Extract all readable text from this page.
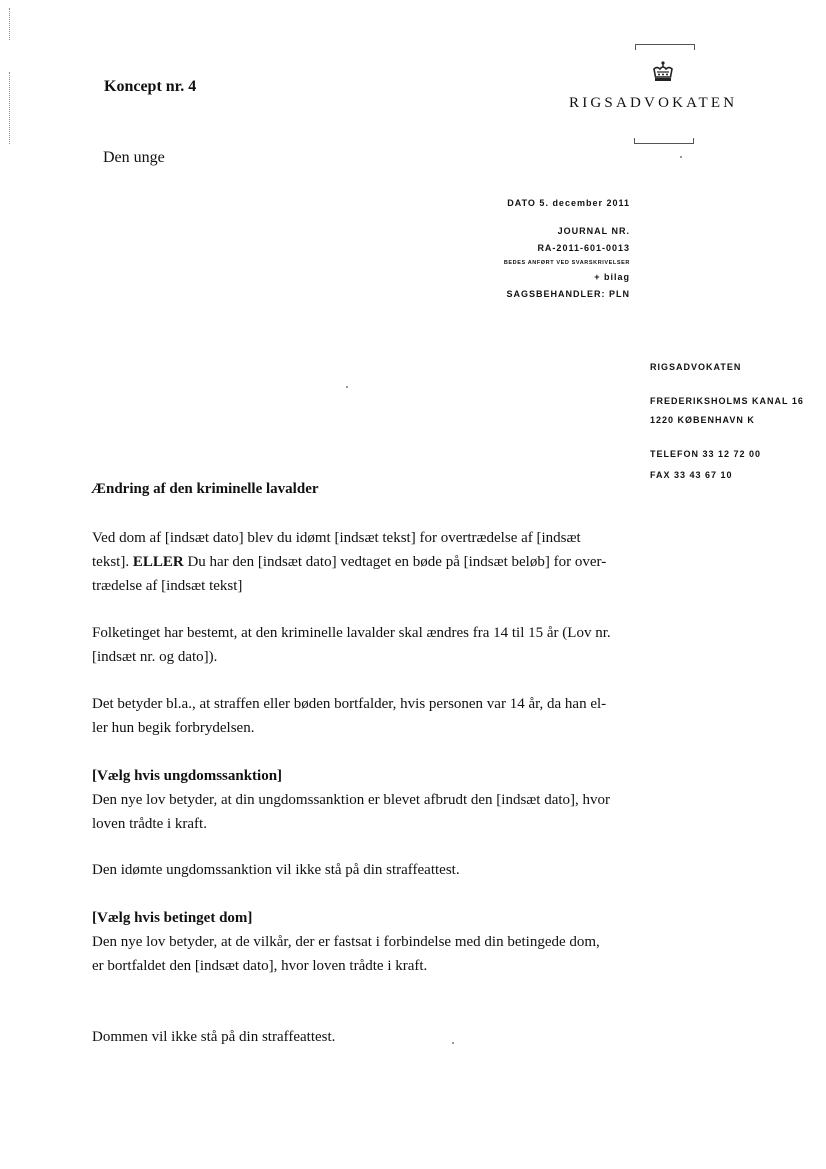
Koncept nr. 4
Den unge
RIGSADVOKATEN
DATO 5. december 2011
JOURNAL NR.
RA-2011-601-0013
BEDES ANFØRT VED SVARSKRIVELSER
+ bilag
SAGSBEHANDLER: PLN
RIGSADVOKATEN
FREDERIKSHOLMS KANAL 16
1220 KØBENHAVN K
TELEFON 33 12 72 00
FAX 33 43 67 10
Ændring af den kriminelle lavalder

Ved dom af [indsæt dato] blev du idømt [indsæt tekst] for overtrædelse af [indsæt
tekst]. ELLER Du har den [indsæt dato] vedtaget en bøde på [indsæt beløb] for over-
trædelse af [indsæt tekst]

Folketinget har bestemt, at den kriminelle lavalder skal ændres fra 14 til 15 år (Lov nr.
[indsæt nr. og dato]).

Det betyder bl.a., at straffen eller bøden bortfalder, hvis personen var 14 år, da han el-
ler hun begik forbrydelsen.

[Vælg hvis ungdomssanktion]
Den nye lov betyder, at din ungdomssanktion er blevet afbrudt den [indsæt dato], hvor
loven trådte i kraft.

Den idømte ungdomssanktion vil ikke stå på din straffeattest.

[Vælg hvis betinget dom]
Den nye lov betyder, at de vilkår, der er fastsat i forbindelse med din betingede dom,
er bortfaldet den [indsæt dato], hvor loven trådte i kraft.

Dommen vil ikke stå på din straffeattest.
